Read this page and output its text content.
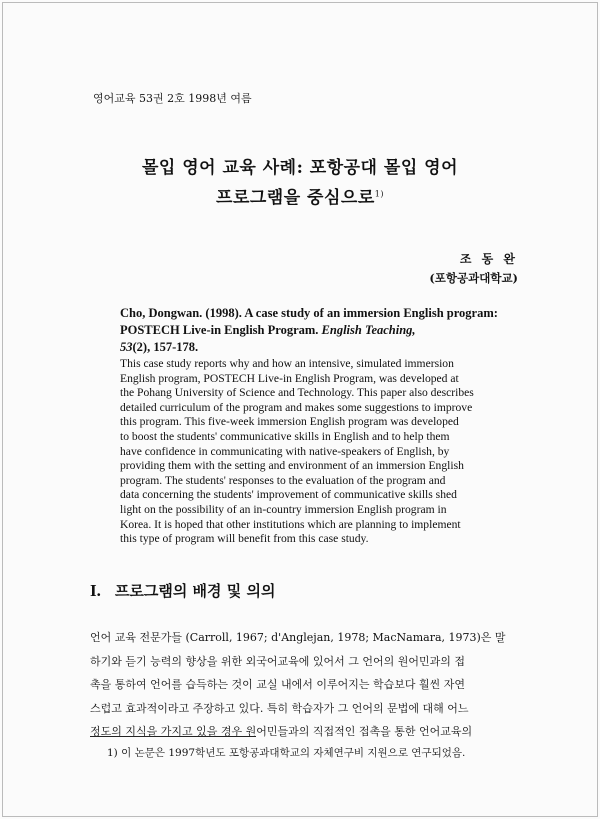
영어교육 53권 2호 1998년 여름
몰입 영어 교육 사례: 포항공대 몰입 영어
프로그램을 중심으로$^{1)}$
조 동 완
(포항공과대학교)
Cho, Dongwan. (1998). A case study of an immersion English program: POSTECH Live-in English Program. English Teaching,
53(2), 157-178.
This case study reports why and how an intensive, simulated immersion
English program, POSTECH Live-in English Program, was developed at
the Pohang University of Science and Technology. This paper also describes
detailed curriculum of the program and makes some suggestions to improve
this program. This five-week immersion English program was developed
to boost the students' communicative skills in English and to help them
have confidence in communicating with native-speakers of English, by
providing them with the setting and environment of an immersion English
program. The students' responses to the evaluation of the program and
data concerning the students' improvement of communicative skills shed
light on the possibility of an in-country immersion English program in
Korea. It is hoped that other institutions which are planning to implement
this type of program will benefit from this case study.
I. 프로그램의 배경 및 의의
언어 교육 전문가들 (Carroll, 1967; d'Anglejan, 1978; MacNamara, 1973)은 말
하기와 듣기 능력의 향상을 위한 외국어교육에 있어서 그 언어의 원어민과의 접
촉을 통하여 언어를 습득하는 것이 교실 내에서 이루어지는 학습보다 훨씬 자연
스럽고 효과적이라고 주장하고 있다. 특히 학습자가 그 언어의 문법에 대해 어느
정도의 지식을 가지고 있을 경우 원어민들과의 직접적인 접촉을 통한 언어교육의
1) 이 논문은 1997학년도 포항공과대학교의 자체연구비 지원으로 연구되었음.
